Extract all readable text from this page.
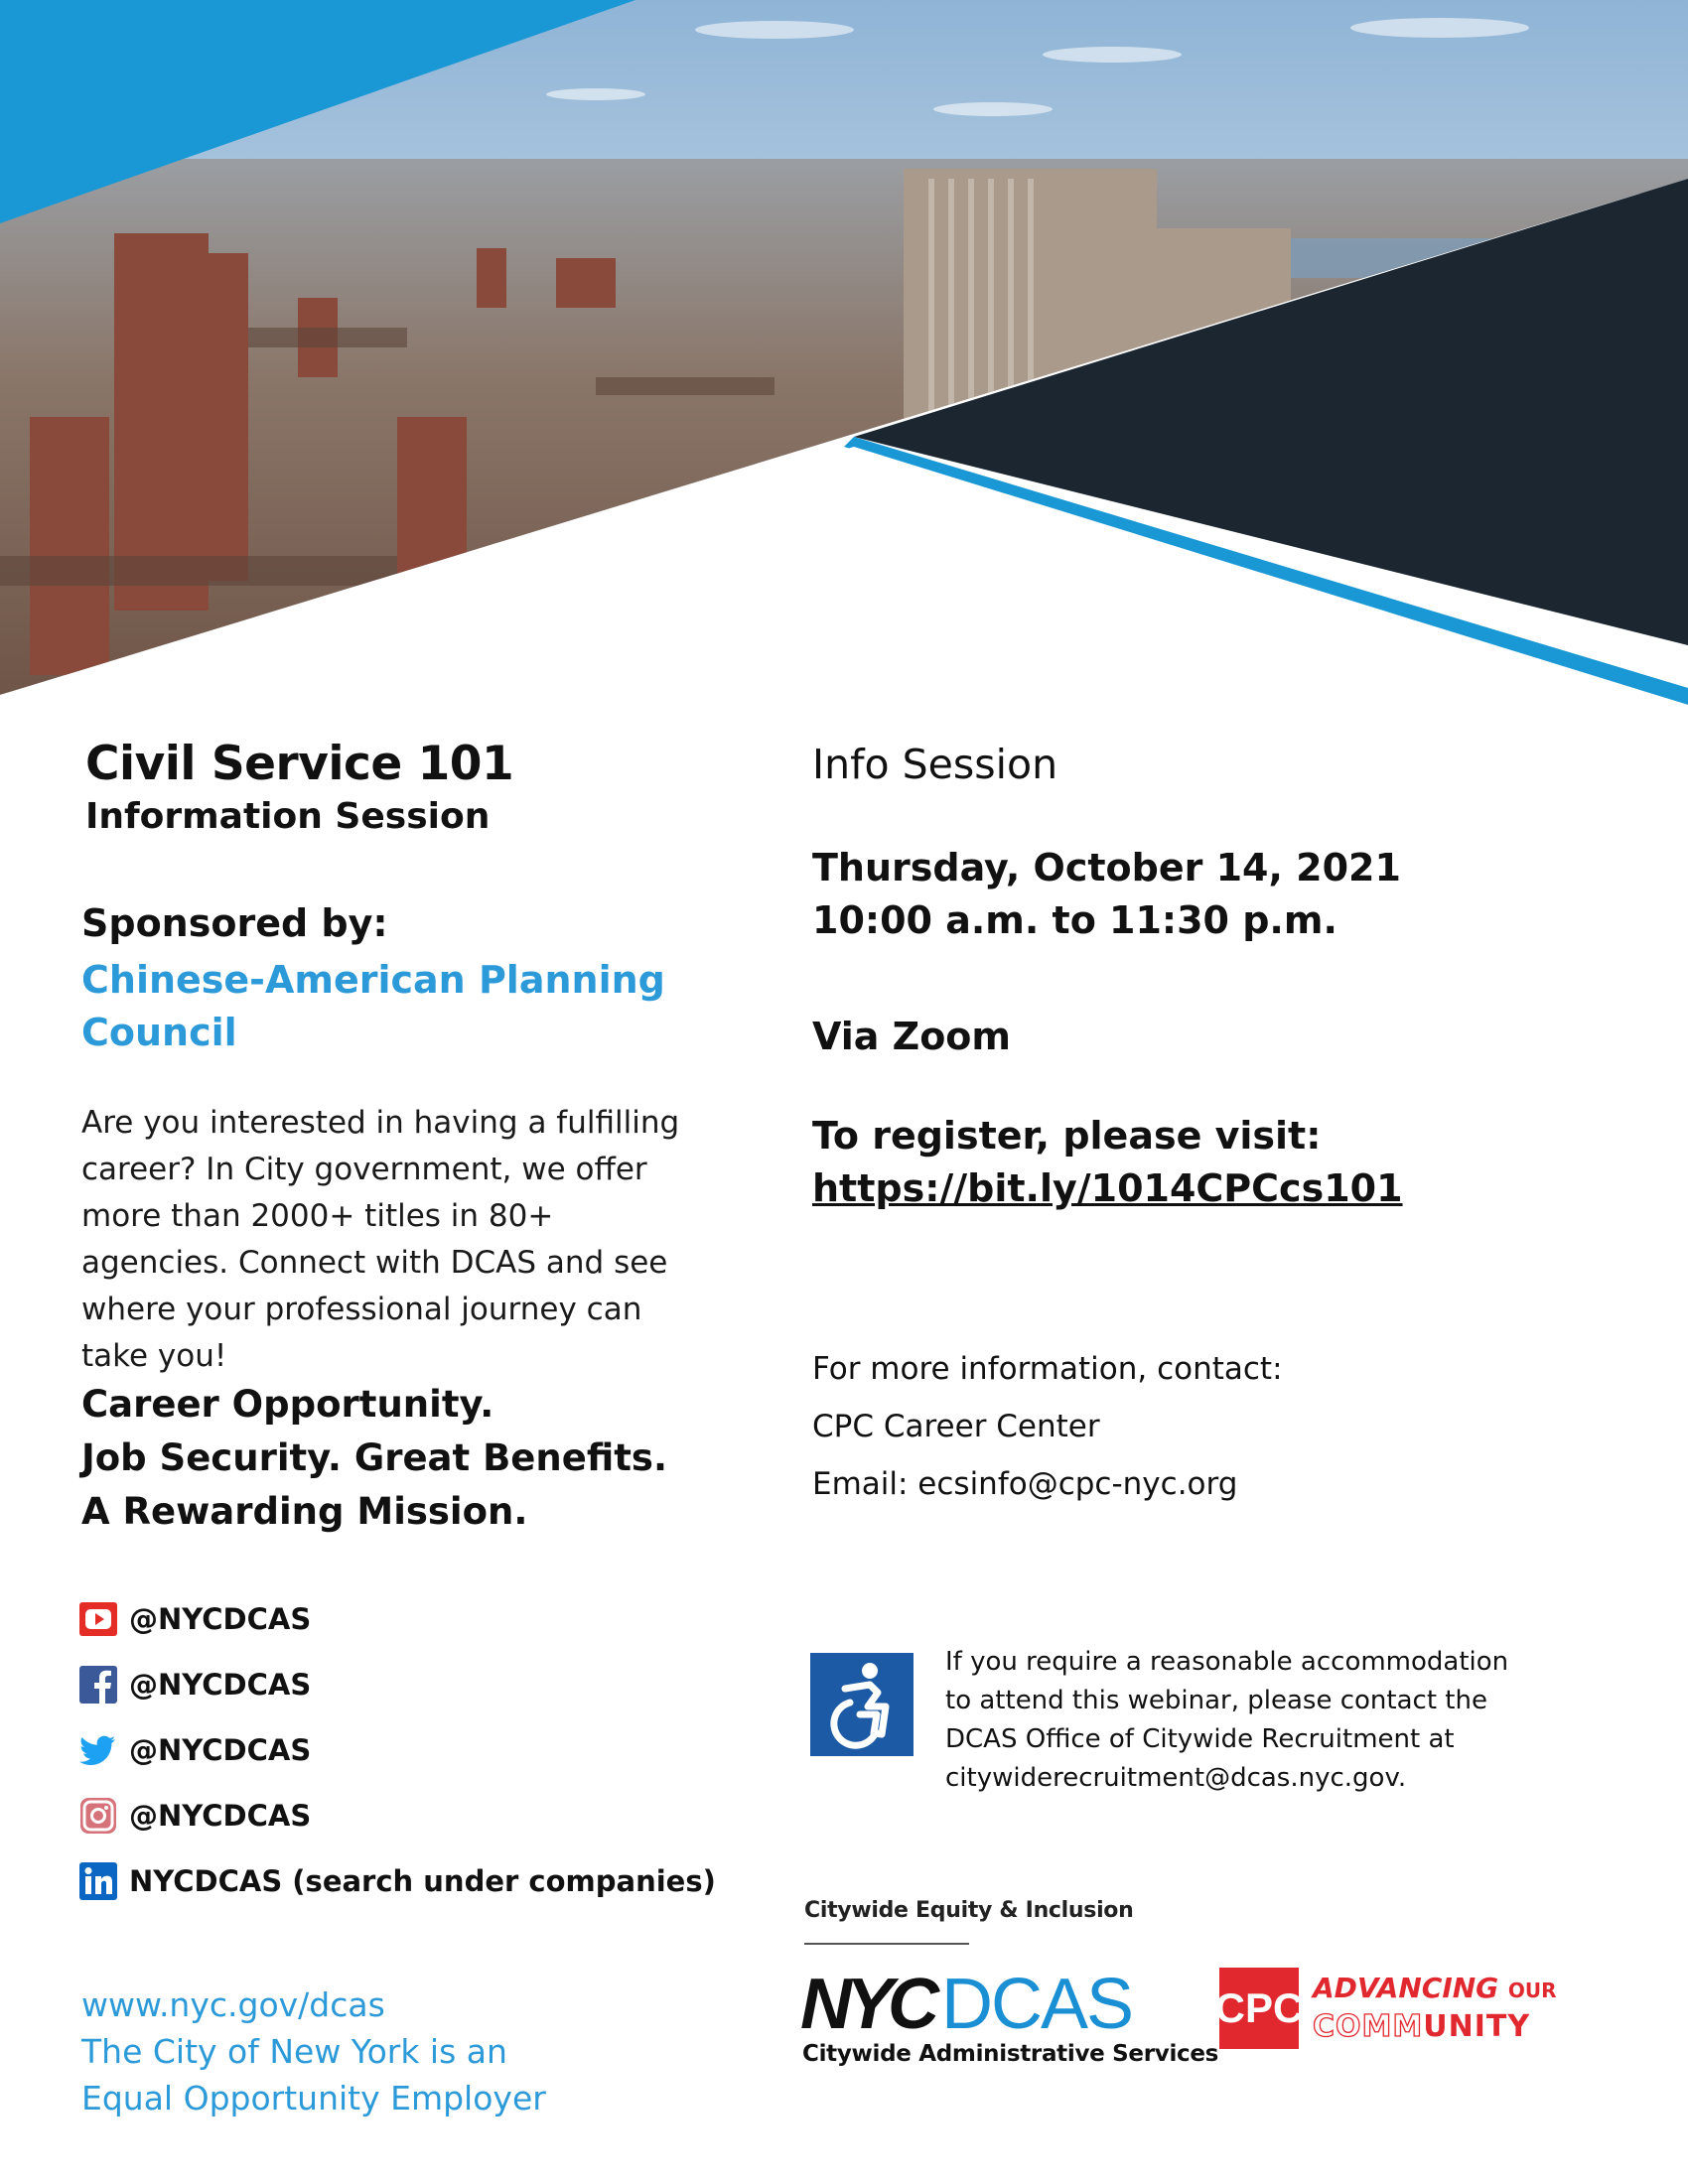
Civil Service 101
Information Session
Sponsored by:
Chinese-American Planning Council
Are you interested in having a fulfilling career? In City government, we offer more than 2000+ titles in 80+ agencies. Connect with DCAS and see where your professional journey can take you!
Career Opportunity.
Job Security. Great Benefits.
A Rewarding Mission.
@NYCDCAS
@NYCDCAS
@NYCDCAS
@NYCDCAS
NYCDCAS (search under companies)
www.nyc.gov/dcas
The City of New York is an
Equal Opportunity Employer
Info Session
Thursday, October 14, 2021
10:00 a.m. to 11:30 p.m.
Via Zoom
To register, please visit:
https://bit.ly/1014CPCcs101
For more information, contact:
CPC Career Center
Email: ecsinfo@cpc-nyc.org
If you require a reasonable accommodation to attend this webinar, please contact the DCAS Office of Citywide Recruitment at citywiderecruitment@dcas.nyc.gov.
Citywide Equity & Inclusion
NYC DCAS
Citywide Administrative Services
CPC ADVANCING OUR
COMMUNITY
